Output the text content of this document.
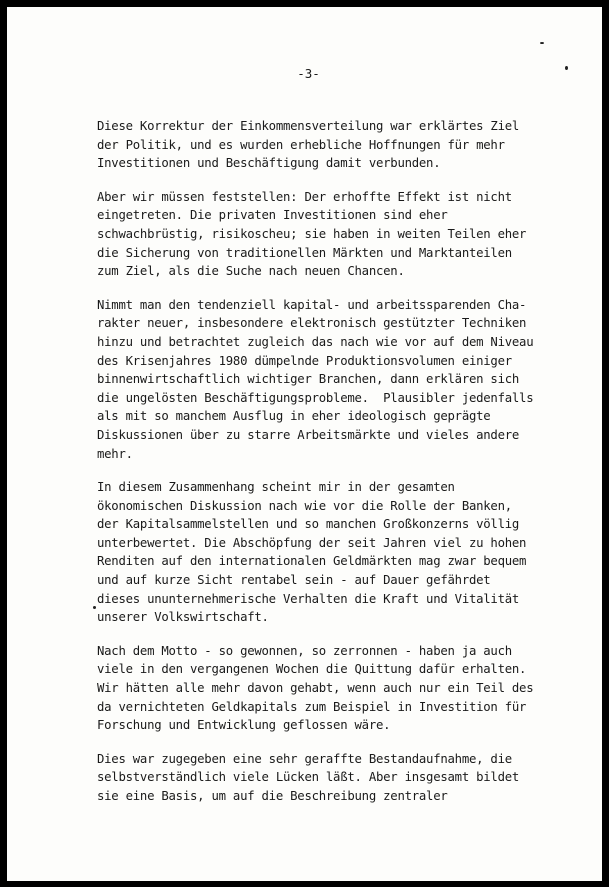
-3-
Diese Korrektur der Einkommensverteilung war erklärtes Ziel
der Politik, und es wurden erhebliche Hoffnungen für mehr
Investitionen und Beschäftigung damit verbunden.
Aber wir müssen feststellen: Der erhoffte Effekt ist nicht
eingetreten. Die privaten Investitionen sind eher
schwachbrüstig, risikoscheu; sie haben in weiten Teilen eher
die Sicherung von traditionellen Märkten und Marktanteilen
zum Ziel, als die Suche nach neuen Chancen.
Nimmt man den tendenziell kapital- und arbeitssparenden Cha-
rakter neuer, insbesondere elektronisch gestützter Techniken
hinzu und betrachtet zugleich das nach wie vor auf dem Niveau
des Krisenjahres 1980 dümpelnde Produktionsvolumen einiger
binnenwirtschaftlich wichtiger Branchen, dann erklären sich
die ungelösten Beschäftigungsprobleme.  Plausibler jedenfalls
als mit so manchem Ausflug in eher ideologisch geprägte
Diskussionen über zu starre Arbeitsmärkte und vieles andere
mehr.
In diesem Zusammenhang scheint mir in der gesamten
ökonomischen Diskussion nach wie vor die Rolle der Banken,
der Kapitalsammelstellen und so manchen Großkonzerns völlig
unterbewertet. Die Abschöpfung der seit Jahren viel zu hohen
Renditen auf den internationalen Geldmärkten mag zwar bequem
und auf kurze Sicht rentabel sein - auf Dauer gefährdet
dieses ununternehmerische Verhalten die Kraft und Vitalität
unserer Volkswirtschaft.
Nach dem Motto - so gewonnen, so zerronnen - haben ja auch
viele in den vergangenen Wochen die Quittung dafür erhalten.
Wir hätten alle mehr davon gehabt, wenn auch nur ein Teil des
da vernichteten Geldkapitals zum Beispiel in Investition für
Forschung und Entwicklung geflossen wäre.
Dies war zugegeben eine sehr geraffte Bestandaufnahme, die
selbstverständlich viele Lücken läßt. Aber insgesamt bildet
sie eine Basis, um auf die Beschreibung zentraler
